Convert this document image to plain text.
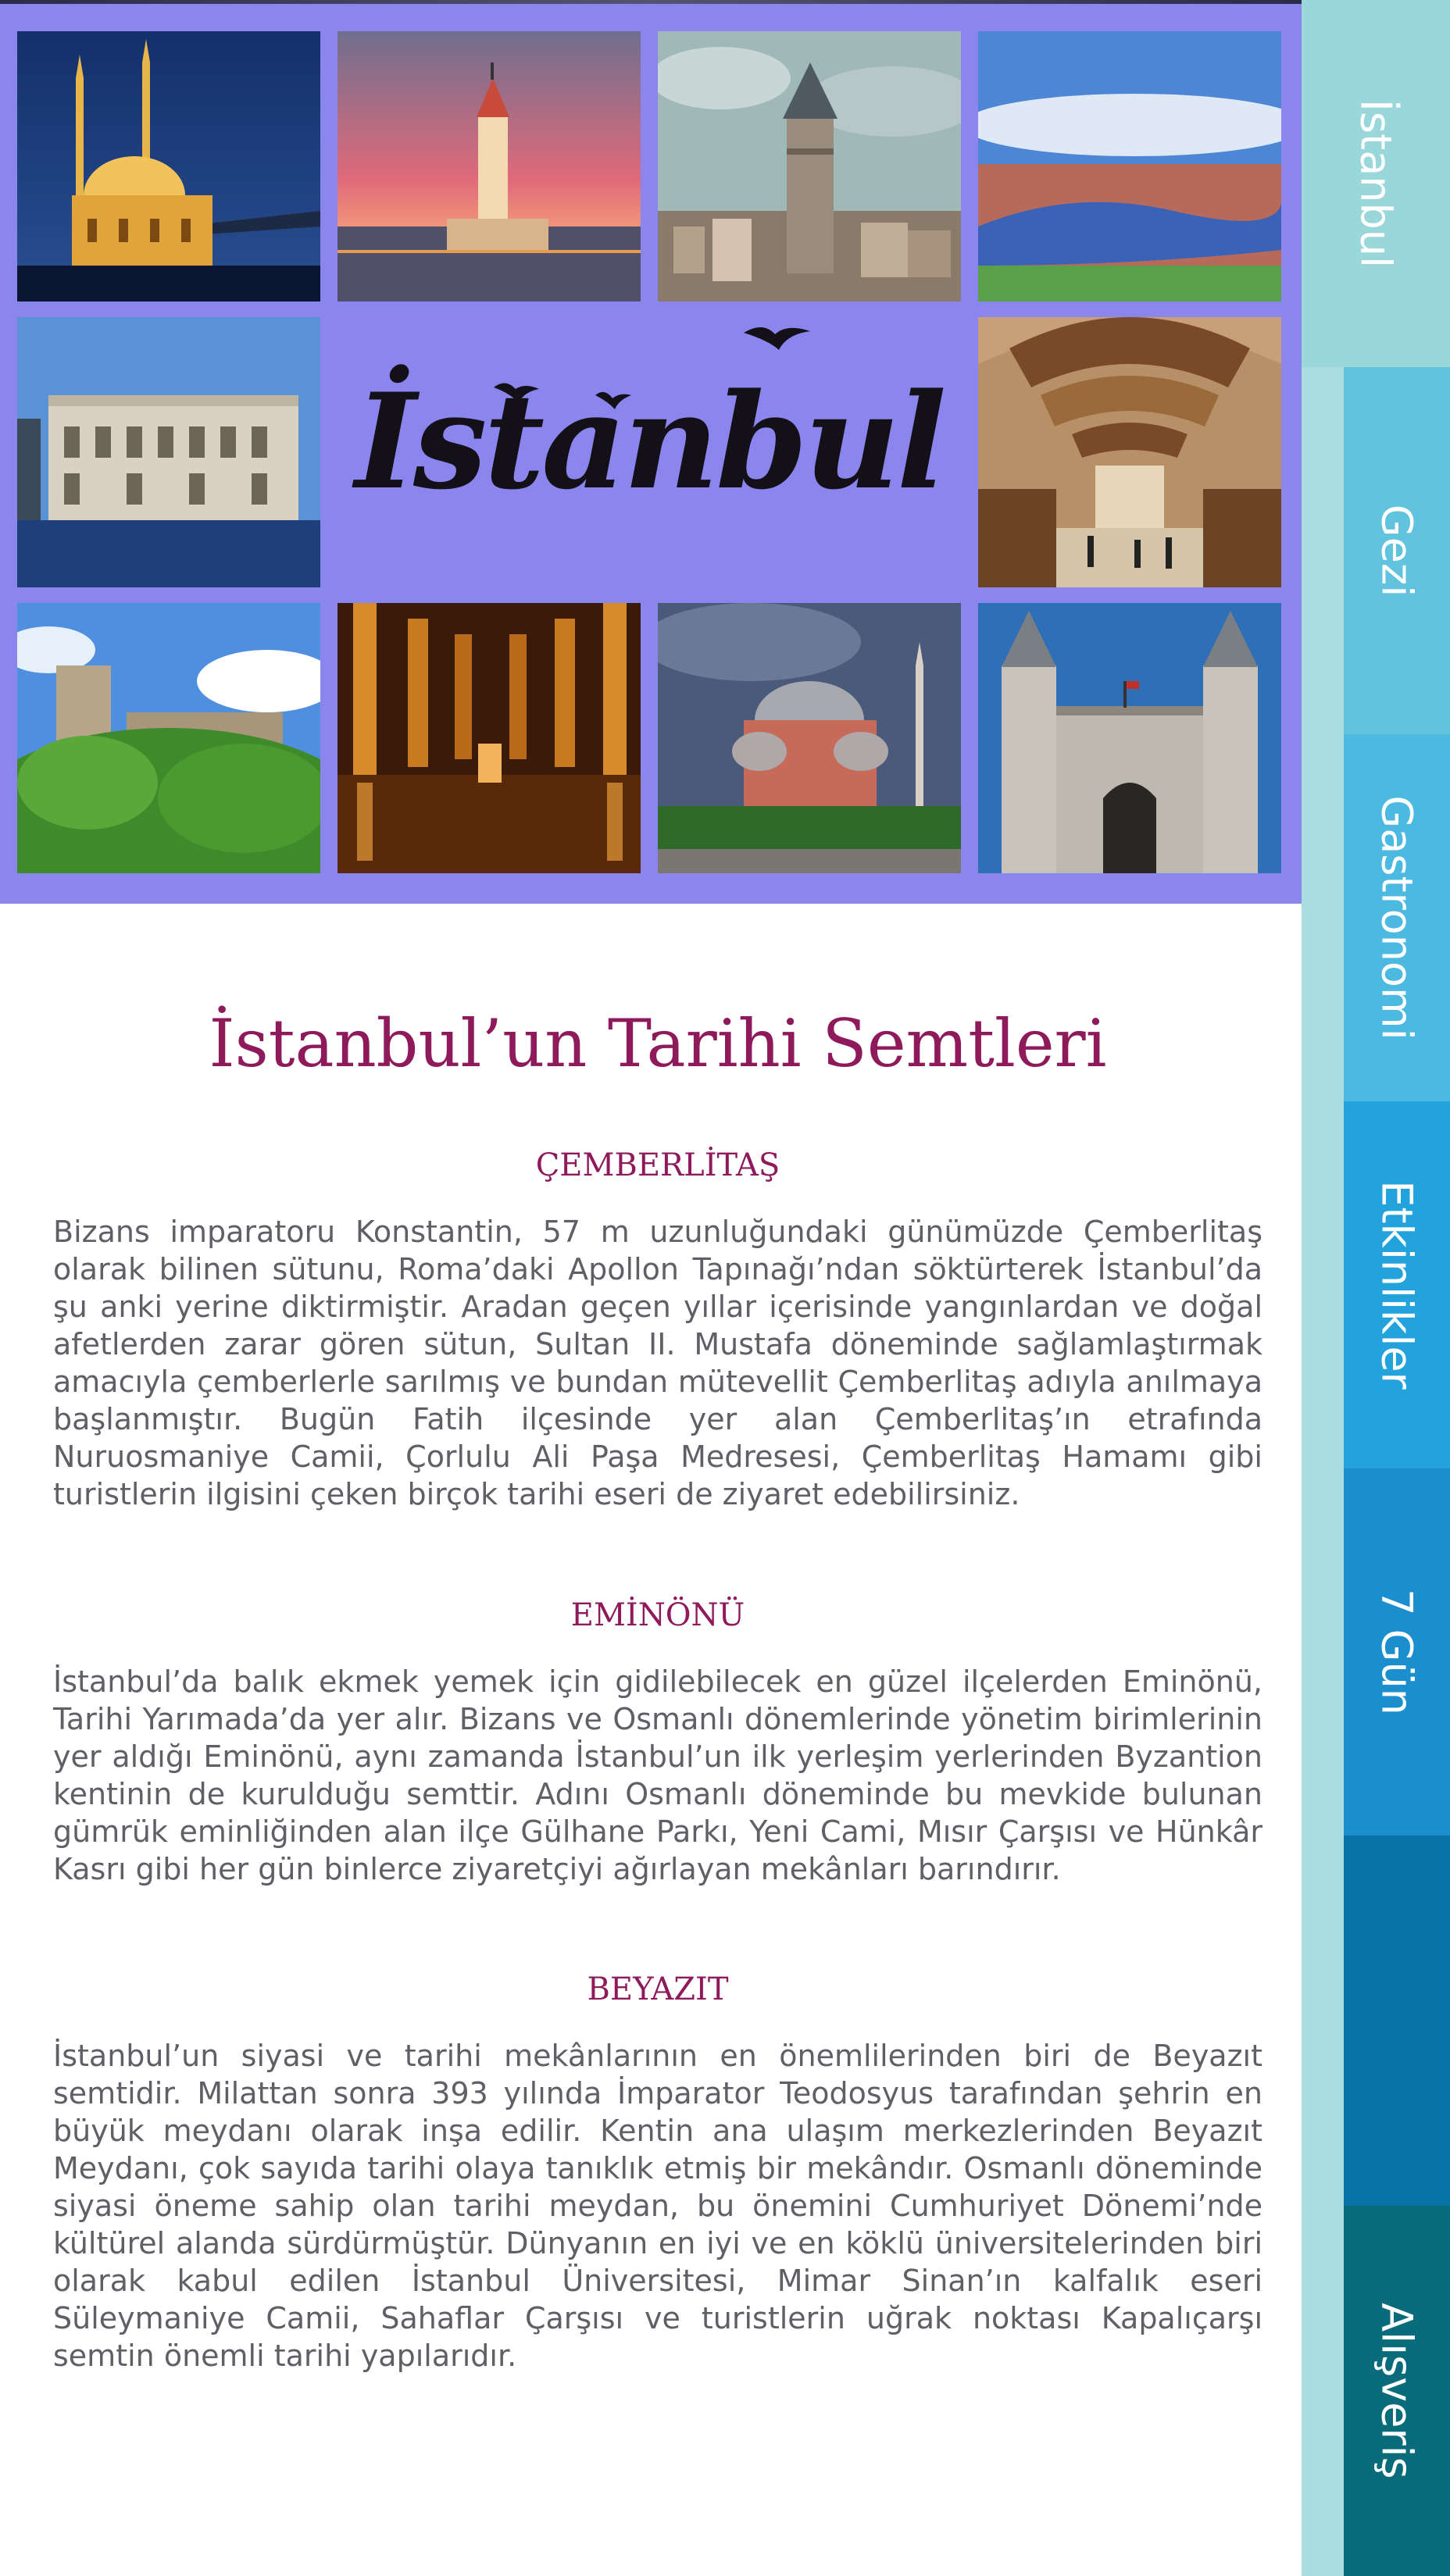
İstanbul
İstanbul’un Tarihi Semtleri
ÇEMBERLİTAŞ

Bizans imparatoru Konstantin, 57 m uzunluğundaki günümüzde Çemberlitaş olarak bilinen sütunu, Roma’daki Apollon Tapınağı’ndan söktürterek İstanbul’da şu anki yerine diktirmiştir. Aradan geçen yıllar içerisinde yangınlardan ve doğal afetlerden zarar gören sütun, Sultan II. Mustafa döneminde sağlamlaştırmak amacıyla çemberlerle sarılmış ve bundan mütevellit Çemberlitaş adıyla anılmaya başlanmıştır. Bugün Fatih ilçesinde yer alan Çemberlitaş’ın etrafında Nuruosmaniye Camii, Çorlulu Ali Paşa Medresesi, Çemberlitaş Hamamı gibi turistlerin ilgisini çeken birçok tarihi eseri de ziyaret edebilirsiniz.

EMİNÖNÜ

İstanbul’da balık ekmek yemek için gidilebilecek en güzel ilçelerden Eminönü, Tarihi Yarımada’da yer alır. Bizans ve Osmanlı dönemlerinde yönetim birimlerinin yer aldığı Eminönü, aynı zamanda İstanbul’un ilk yerleşim yerlerinden Byzantion kentinin de kurulduğu semttir. Adını Osmanlı döneminde bu mevkide bulunan gümrük eminliğinden alan ilçe Gülhane Parkı, Yeni Cami, Mısır Çarşısı ve Hünkâr Kasrı gibi her gün binlerce ziyaretçiyi ağırlayan mekânları barındırır.

BEYAZIT

İstanbul’un siyasi ve tarihi mekânlarının en önemlilerinden biri de Beyazıt semtidir. Milattan sonra 393 yılında İmparator Teodosyus tarafından şehrin en büyük meydanı olarak inşa edilir. Kentin ana ulaşım merkezlerinden Beyazıt Meydanı, çok sayıda tarihi olaya tanıklık etmiş bir mekândır. Osmanlı döneminde siyasi öneme sahip olan tarihi meydan, bu önemini Cumhuriyet Dönemi’nde kültürel alanda sürdürmüştür. Dünyanın en iyi ve en köklü üniversitelerinden biri olarak kabul edilen İstanbul Üniversitesi, Mimar Sinan’ın kalfalık eseri Süleymaniye Camii, Sahaflar Çarşısı ve turistlerin uğrak noktası Kapalıçarşı semtin önemli tarihi yapılarıdır.

İstanbul
Gezi
Gastronomi
Etkinlikler
7 Gün
Alışveriş
